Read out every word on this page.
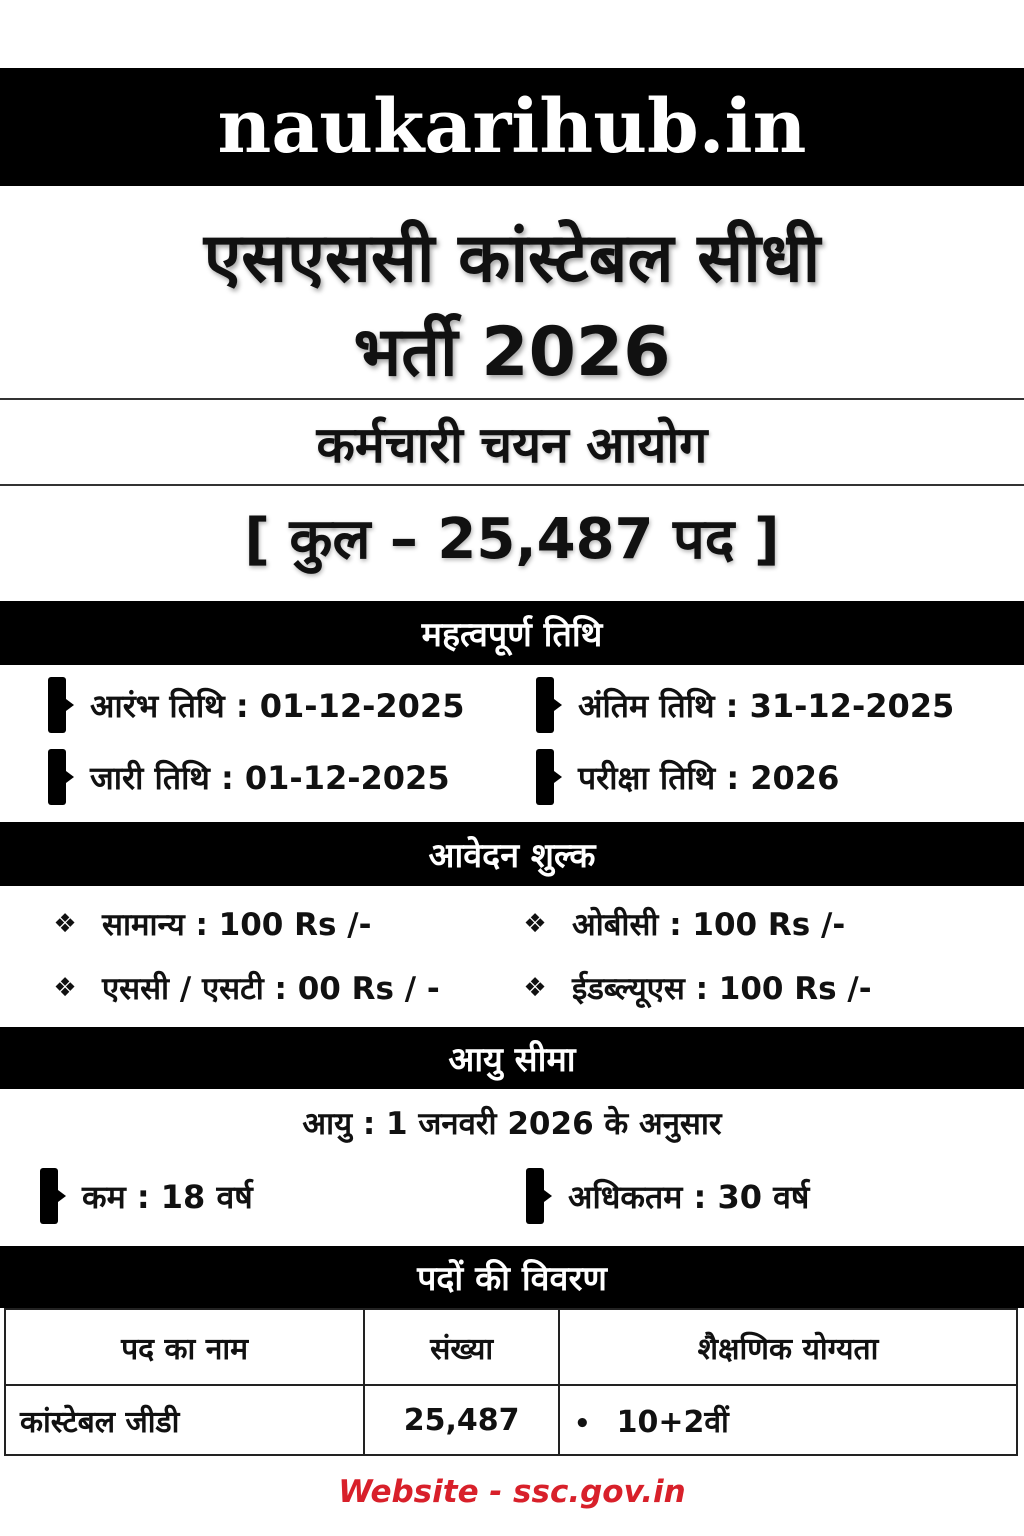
naukarihub.in
एसएससी कांस्टेबल सीधी
भर्ती 2026
कर्मचारी चयन आयोग
[ कुल – 25,487 पद ]
महत्वपूर्ण तिथि
आरंभ तिथि : 01-12-2025	अंतिम तिथि : 31-12-2025
जारी तिथि : 01-12-2025	परीक्षा तिथि : 2026
आवेदन शुल्क
❖ सामान्य : 100 Rs /-	❖ ओबीसी : 100 Rs /-
❖ एससी / एसटी : 00 Rs / -	❖ ईडब्ल्यूएस : 100 Rs /-
आयु सीमा
आयु : 1 जनवरी 2026 के अनुसार
कम : 18 वर्ष	अधिकतम : 30 वर्ष
पदों की विवरण
पद का नाम	संख्या	शैक्षणिक योग्यता
कांस्टेबल जीडी	25,487	• 10+2वीं
Website - ssc.gov.in
